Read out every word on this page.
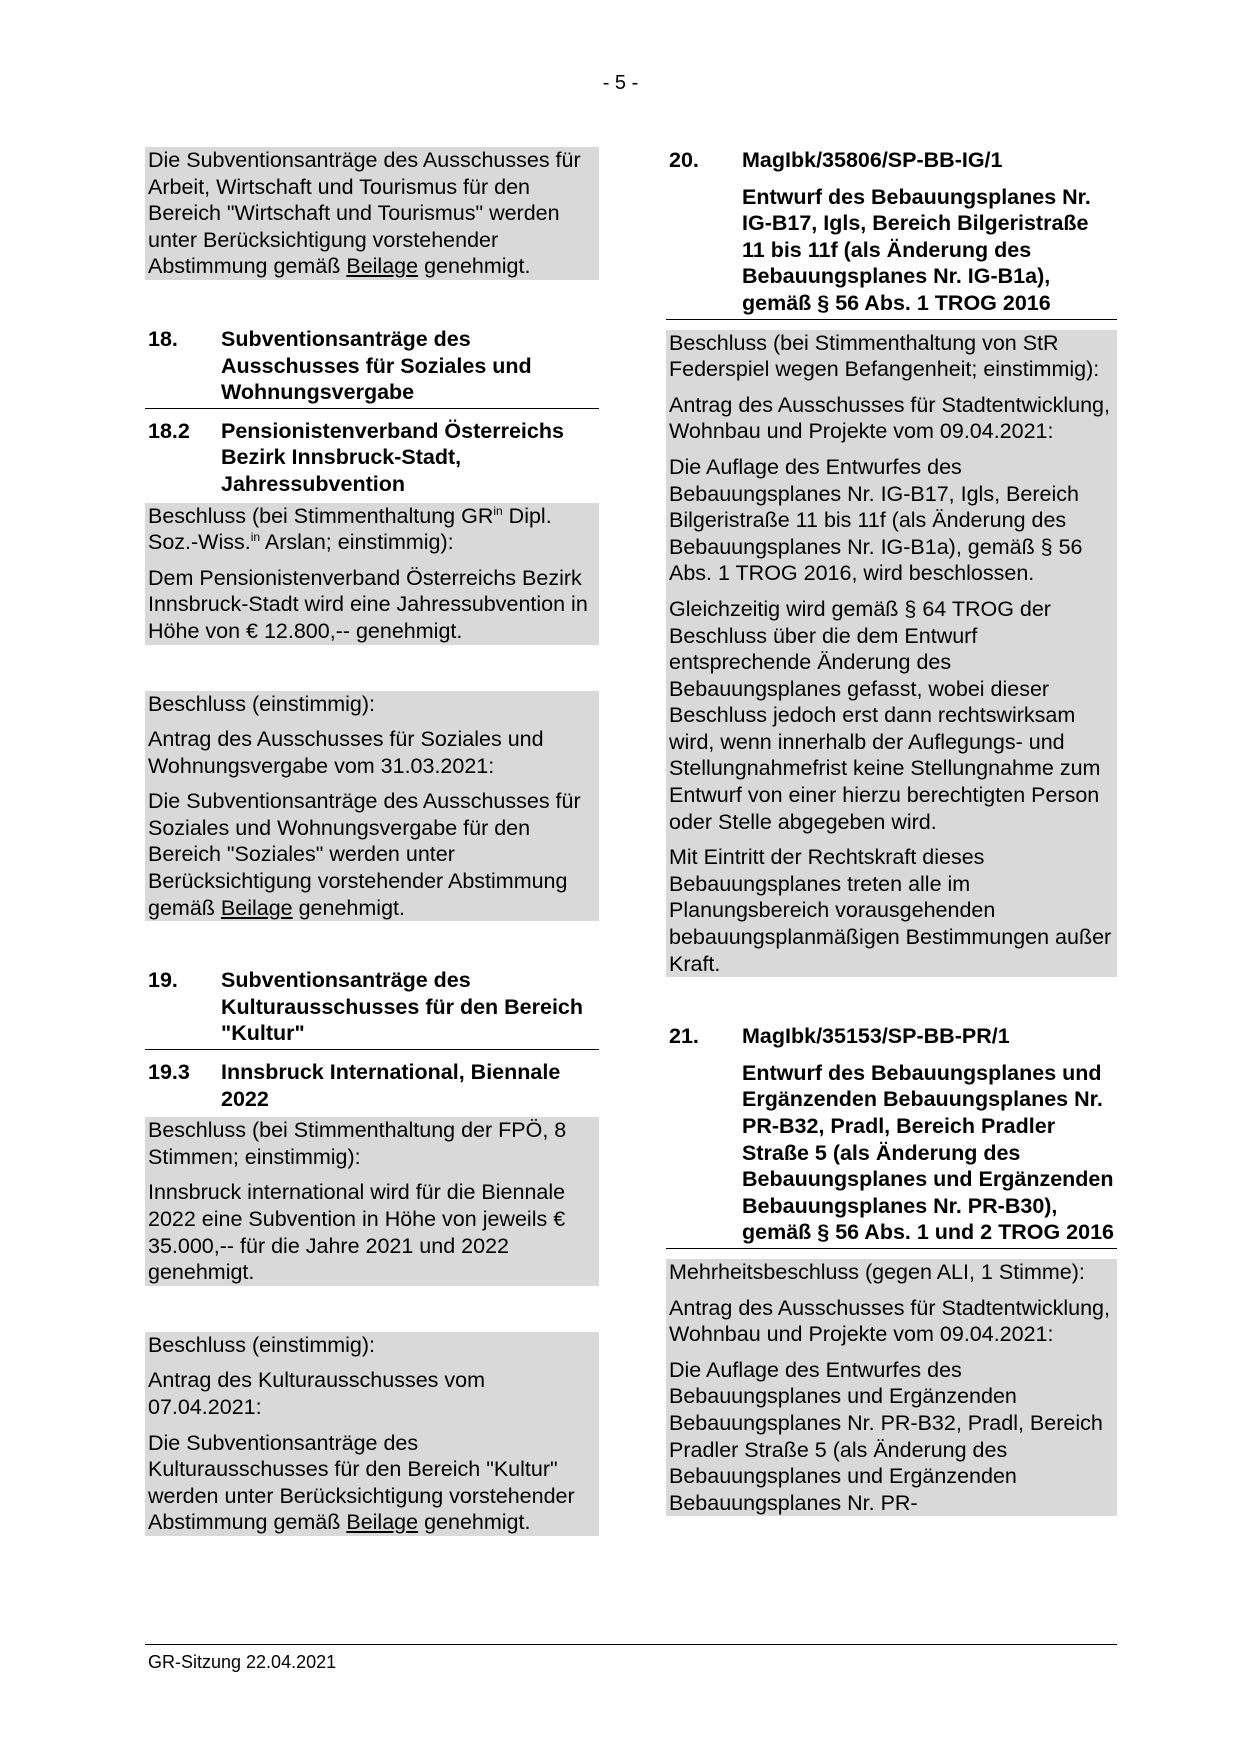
- 5 -

Die Subventionsanträge des Ausschusses für Arbeit, Wirtschaft und Tourismus für den Bereich "Wirtschaft und Tourismus" werden unter Berücksichtigung vorstehender Abstimmung gemäß Beilage genehmigt.

18.	Subventionsanträge des Ausschusses für Soziales und Wohnungsvergabe
18.2	Pensionistenverband Österreichs Bezirk Innsbruck-Stadt, Jahressubvention

Beschluss (bei Stimmenthaltung $GR^{in}$ Dipl. Soz.-Wiss.$^{in}$ Arslan; einstimmig):

Dem Pensionistenverband Österreichs Bezirk Innsbruck-Stadt wird eine Jahressubvention in Höhe von € 12.800,-- genehmigt.

Beschluss (einstimmig):

Antrag des Ausschusses für Soziales und Wohnungsvergabe vom 31.03.2021:

Die Subventionsanträge des Ausschusses für Soziales und Wohnungsvergabe für den Bereich "Soziales" werden unter Berücksichtigung vorstehender Abstimmung gemäß Beilage genehmigt.

19.	Subventionsanträge des Kulturausschusses für den Bereich "Kultur"
19.3	Innsbruck International, Biennale 2022

Beschluss (bei Stimmenthaltung der FPÖ, 8 Stimmen; einstimmig):

Innsbruck international wird für die Biennale 2022 eine Subvention in Höhe von jeweils € 35.000,-- für die Jahre 2021 und 2022 genehmigt.

Beschluss (einstimmig):

Antrag des Kulturausschusses vom 07.04.2021:

Die Subventionsanträge des Kulturausschusses für den Bereich "Kultur" werden unter Berücksichtigung vorstehender Abstimmung gemäß Beilage genehmigt.

20.	MagIbk/35806/SP-BB-IG/1
Entwurf des Bebauungsplanes Nr. IG-B17, Igls, Bereich Bilgeristraße 11 bis 11f (als Änderung des Bebauungsplanes Nr. IG-B1a), gemäß § 56 Abs. 1 TROG 2016

Beschluss (bei Stimmenthaltung von StR Federspiel wegen Befangenheit; einstimmig):

Antrag des Ausschusses für Stadtentwicklung, Wohnbau und Projekte vom 09.04.2021:

Die Auflage des Entwurfes des Bebauungsplanes Nr. IG-B17, Igls, Bereich Bilgeristraße 11 bis 11f (als Änderung des Bebauungsplanes Nr. IG-B1a), gemäß § 56 Abs. 1 TROG 2016, wird beschlossen.

Gleichzeitig wird gemäß § 64 TROG der Beschluss über die dem Entwurf entsprechende Änderung des Bebauungsplanes gefasst, wobei dieser Beschluss jedoch erst dann rechtswirksam wird, wenn innerhalb der Auflegungs- und Stellungnahmefrist keine Stellungnahme zum Entwurf von einer hierzu berechtigten Person oder Stelle abgegeben wird.

Mit Eintritt der Rechtskraft dieses Bebauungsplanes treten alle im Planungsbereich vorausgehenden bebauungsplanmäßigen Bestimmungen außer Kraft.

21.	MagIbk/35153/SP-BB-PR/1
Entwurf des Bebauungsplanes und Ergänzenden Bebauungsplanes Nr. PR-B32, Pradl, Bereich Pradler Straße 5 (als Änderung des Bebauungsplanes und Ergänzenden Bebauungsplanes Nr. PR-B30), gemäß § 56 Abs. 1 und 2 TROG 2016

Mehrheitsbeschluss (gegen ALI, 1 Stimme):

Antrag des Ausschusses für Stadtentwicklung, Wohnbau und Projekte vom 09.04.2021:

Die Auflage des Entwurfes des Bebauungsplanes und Ergänzenden Bebauungsplanes Nr. PR-B32, Pradl, Bereich Pradler Straße 5 (als Änderung des Bebauungsplanes und Ergänzenden Bebauungsplanes Nr. PR-

GR-Sitzung 22.04.2021
